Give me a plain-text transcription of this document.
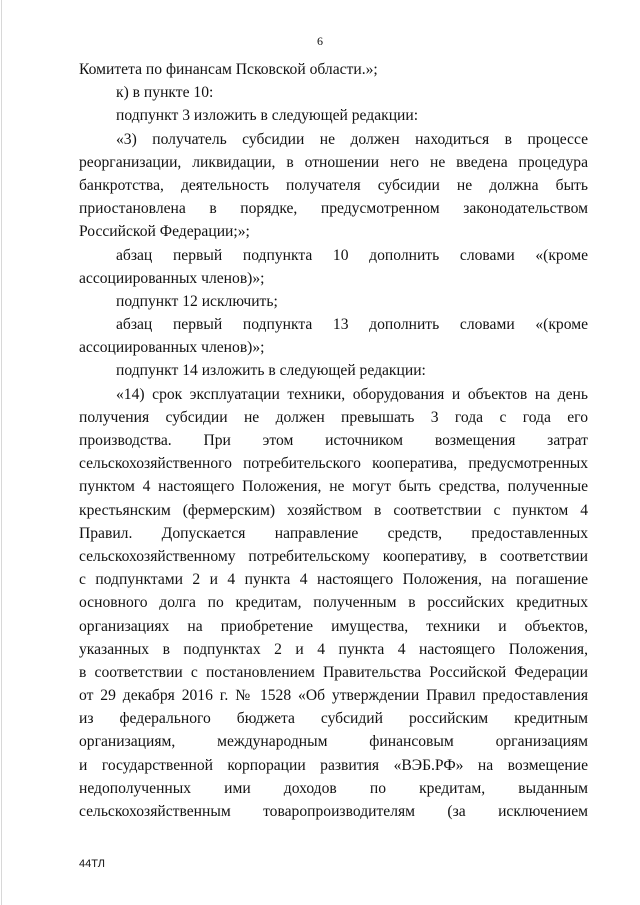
6
Комитета по финансам Псковской области.»;
к) в пункте 10:
подпункт 3 изложить в следующей редакции:
«3) получатель субсидии не должен находиться в процессе
реорганизации, ликвидации, в отношении него не введена процедура
банкротства, деятельность получателя субсидии не должна быть
приостановлена в порядке, предусмотренном законодательством
Российской Федерации;»;
абзац первый подпункта 10 дополнить словами «(кроме
ассоциированных членов)»;
подпункт 12 исключить;
абзац первый подпункта 13 дополнить словами «(кроме
ассоциированных членов)»;
подпункт 14 изложить в следующей редакции:
«14) срок эксплуатации техники, оборудования и объектов на день
получения субсидии не должен превышать 3 года с года его
производства. При этом источником возмещения затрат
сельскохозяйственного потребительского кооператива, предусмотренных
пунктом 4 настоящего Положения, не могут быть средства, полученные
крестьянским (фермерским) хозяйством в соответствии с пунктом 4
Правил. Допускается направление средств, предоставленных
сельскохозяйственному потребительскому кооперативу, в соответствии
с подпунктами 2 и 4 пункта 4 настоящего Положения, на погашение
основного долга по кредитам, полученным в российских кредитных
организациях на приобретение имущества, техники и объектов,
указанных в подпунктах 2 и 4 пункта 4 настоящего Положения,
в соответствии с постановлением Правительства Российской Федерации
от 29 декабря 2016 г. № 1528 «Об утверждении Правил предоставления
из федерального бюджета субсидий российским кредитным
организациям, международным финансовым организациям
и государственной корпорации развития «ВЭБ.РФ» на возмещение
недополученных ими доходов по кредитам, выданным
сельскохозяйственным товаропроизводителям (за исключением
44ТЛ
